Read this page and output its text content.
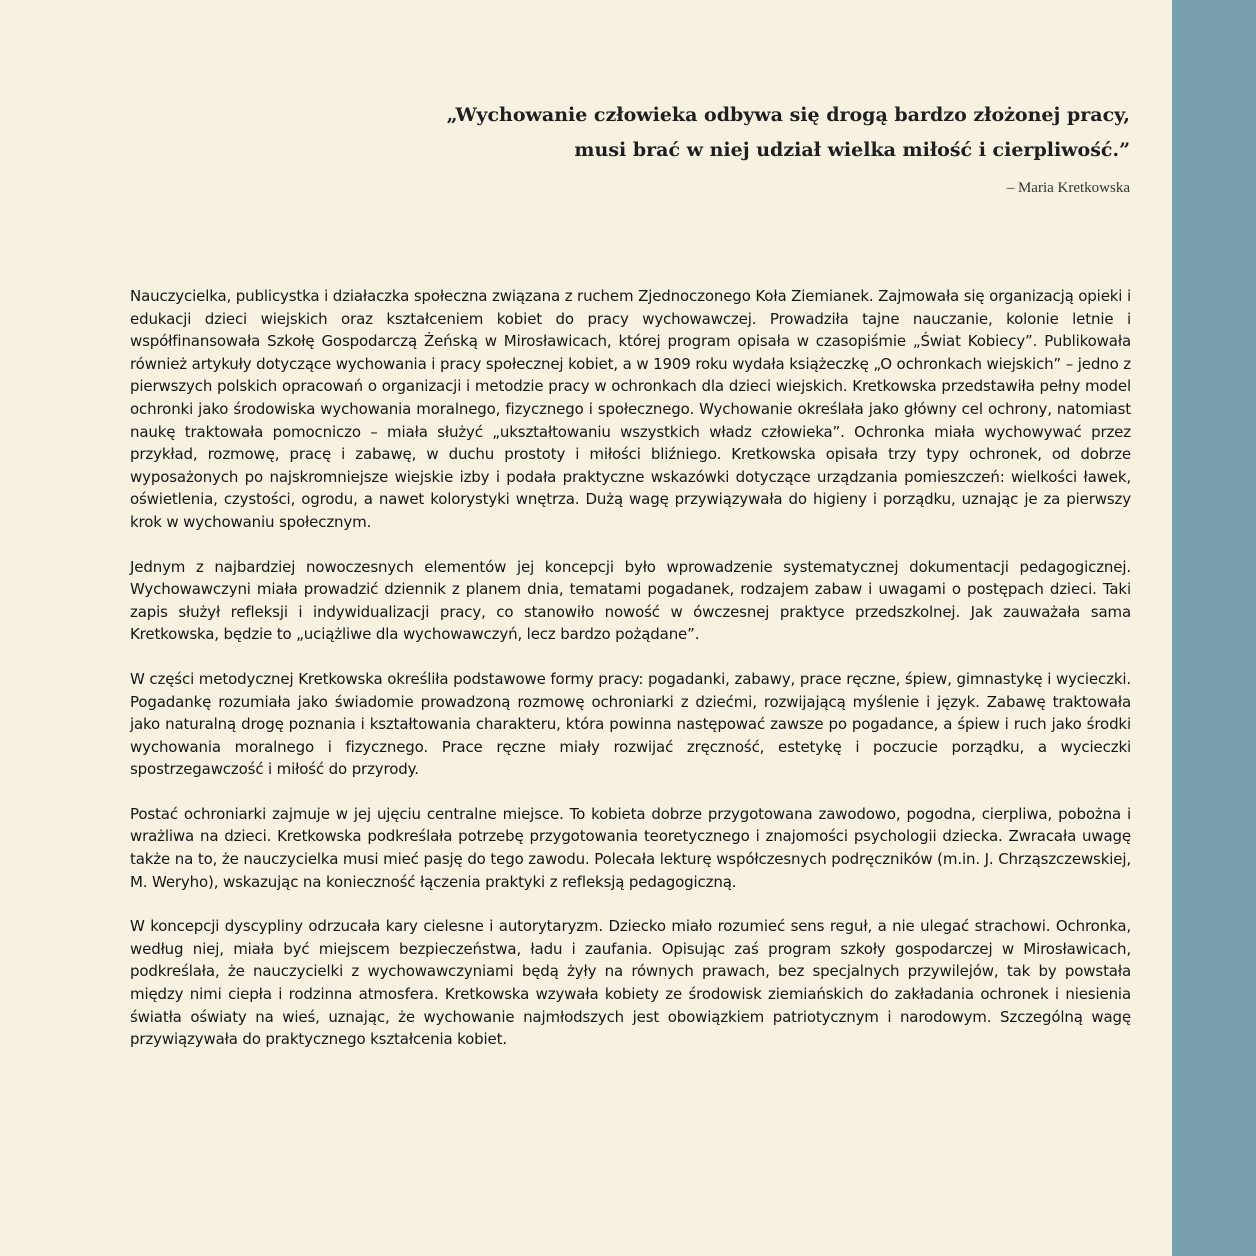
„Wychowanie człowieka odbywa się drogą bardzo złożonej pracy,

musi brać w niej udział wielka miłość i cierpliwość.”

– Maria Kretkowska

Nauczycielka, publicystka i działaczka społeczna związana z ruchem Zjednoczonego Koła Ziemianek. Zajmowała się organizacją opieki i edukacji dzieci wiejskich oraz kształceniem kobiet do pracy wychowawczej. Prowadziła tajne nauczanie, kolonie letnie i współfinansowała Szkołę Gospodarczą Żeńską w Mirosławicach, której program opisała w czasopiśmie „Świat Kobiecy”. Publikowała również artykuły dotyczące wychowania i pracy społecznej kobiet, a w 1909 roku wydała książeczkę „O ochronkach wiejskich” – jedno z pierwszych polskich opracowań o organizacji i metodzie pracy w ochronkach dla dzieci wiejskich. Kretkowska przedstawiła pełny model ochronki jako środowiska wychowania moralnego, fizycznego i społecznego. Wychowanie określała jako główny cel ochrony, natomiast naukę traktowała pomocniczo – miała służyć „ukształtowaniu wszystkich władz człowieka”. Ochronka miała wychowywać przez przykład, rozmowę, pracę i zabawę, w duchu prostoty i miłości bliźniego. Kretkowska opisała trzy typy ochronek, od dobrze wyposażonych po najskromniejsze wiejskie izby i podała praktyczne wskazówki dotyczące urządzania pomieszczeń: wielkości ławek, oświetlenia, czystości, ogrodu, a nawet kolorystyki wnętrza. Dużą wagę przywiązywała do higieny i porządku, uznając je za pierwszy krok w wychowaniu społecznym.

Jednym z najbardziej nowoczesnych elementów jej koncepcji było wprowadzenie systematycznej dokumentacji pedagogicznej. Wychowawczyni miała prowadzić dziennik z planem dnia, tematami pogadanek, rodzajem zabaw i uwagami o postępach dzieci. Taki zapis służył refleksji i indywidualizacji pracy, co stanowiło nowość w ówczesnej praktyce przedszkolnej. Jak zauważała sama Kretkowska, będzie to „uciążliwe dla wychowawczyń, lecz bardzo pożądane”.

W części metodycznej Kretkowska określiła podstawowe formy pracy: pogadanki, zabawy, prace ręczne, śpiew, gimnastykę i wycieczki. Pogadankę rozumiała jako świadomie prowadzoną rozmowę ochroniarki z dziećmi, rozwijającą myślenie i język. Zabawę traktowała jako naturalną drogę poznania i kształtowania charakteru, która powinna następować zawsze po pogadance, a śpiew i ruch jako środki wychowania moralnego i fizycznego. Prace ręczne miały rozwijać zręczność, estetykę i poczucie porządku, a wycieczki spostrzegawczość i miłość do przyrody.

Postać ochroniarki zajmuje w jej ujęciu centralne miejsce. To kobieta dobrze przygotowana zawodowo, pogodna, cierpliwa, pobożna i wrażliwa na dzieci. Kretkowska podkreślała potrzebę przygotowania teoretycznego i znajomości psychologii dziecka. Zwracała uwagę także na to, że nauczycielka musi mieć pasję do tego zawodu. Polecała lekturę współczesnych podręczników (m.in. J. Chrząszczewskiej, M. Weryho), wskazując na konieczność łączenia praktyki z refleksją pedagogiczną.

W koncepcji dyscypliny odrzucała kary cielesne i autorytaryzm. Dziecko miało rozumieć sens reguł, a nie ulegać strachowi. Ochronka, według niej, miała być miejscem bezpieczeństwa, ładu i zaufania. Opisując zaś program szkoły gospodarczej w Mirosławicach, podkreślała, że nauczycielki z wychowawczyniami będą żyły na równych prawach, bez specjalnych przywilejów, tak by powstała między nimi ciepła i rodzinna atmosfera. Kretkowska wzywała kobiety ze środowisk ziemiańskich do zakładania ochronek i niesienia światła oświaty na wieś, uznając, że wychowanie najmłodszych jest obowiązkiem patriotycznym i narodowym. Szczególną wagę przywiązywała do praktycznego kształcenia kobiet.
